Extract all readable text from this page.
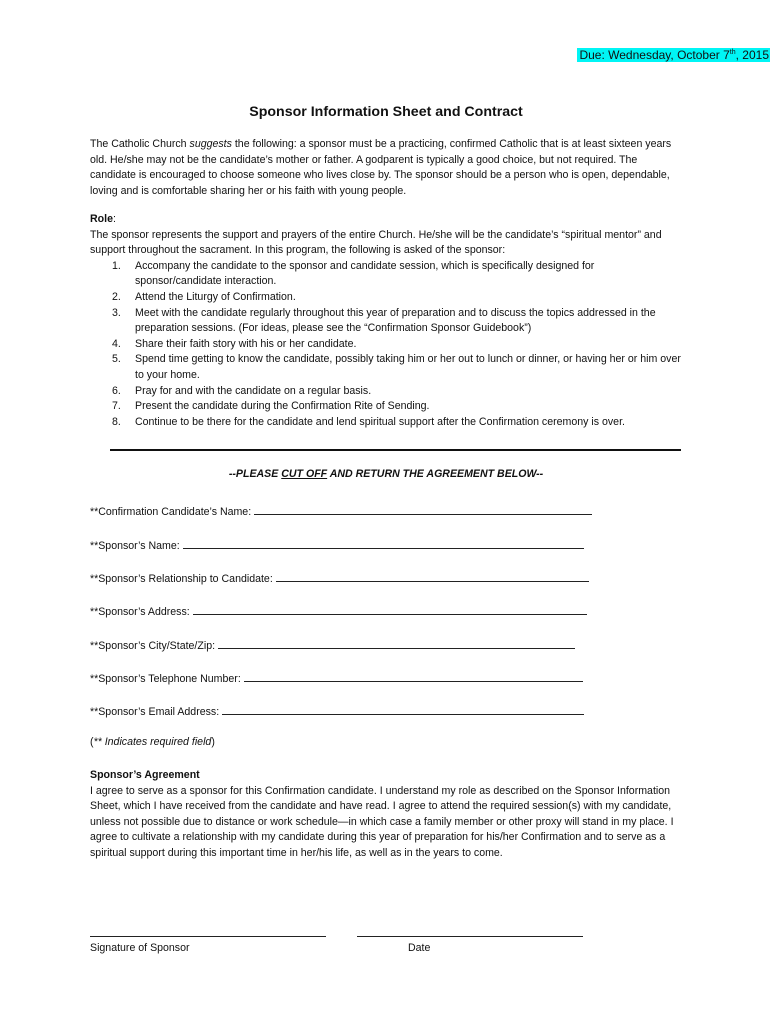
Due: Wednesday, October 7th, 2015
Sponsor Information Sheet and Contract
The Catholic Church suggests the following: a sponsor must be a practicing, confirmed Catholic that is at least sixteen years old. He/she may not be the candidate’s mother or father. A godparent is typically a good choice, but not required. The candidate is encouraged to choose someone who lives close by. The sponsor should be a person who is open, dependable, loving and is comfortable sharing her or his faith with young people.
Role:
The sponsor represents the support and prayers of the entire Church. He/she will be the candidate’s “spiritual mentor” and support throughout the sacrament. In this program, the following is asked of the sponsor:
Accompany the candidate to the sponsor and candidate session, which is specifically designed for sponsor/candidate interaction.
Attend the Liturgy of Confirmation.
Meet with the candidate regularly throughout this year of preparation and to discuss the topics addressed in the preparation sessions. (For ideas, please see the “Confirmation Sponsor Guidebook”)
Share their faith story with his or her candidate.
Spend time getting to know the candidate, possibly taking him or her out to lunch or dinner, or having her or him over to your home.
Pray for and with the candidate on a regular basis.
Present the candidate during the Confirmation Rite of Sending.
Continue to be there for the candidate and lend spiritual support after the Confirmation ceremony is over.
--PLEASE CUT OFF AND RETURN THE AGREEMENT BELOW--
**Confirmation Candidate’s Name:
**Sponsor’s Name:
**Sponsor’s Relationship to Candidate:
**Sponsor’s Address:
**Sponsor’s City/State/Zip:
**Sponsor’s Telephone Number:
**Sponsor’s Email Address:
(** Indicates required field)
Sponsor’s Agreement
I agree to serve as a sponsor for this Confirmation candidate. I understand my role as described on the Sponsor Information Sheet, which I have received from the candidate and have read. I agree to attend the required session(s) with my candidate, unless not possible due to distance or work schedule—in which case a family member or other proxy will stand in my place. I agree to cultivate a relationship with my candidate during this year of preparation for his/her Confirmation and to serve as a spiritual support during this important time in her/his life, as well as in the years to come.
Signature of Sponsor	Date
